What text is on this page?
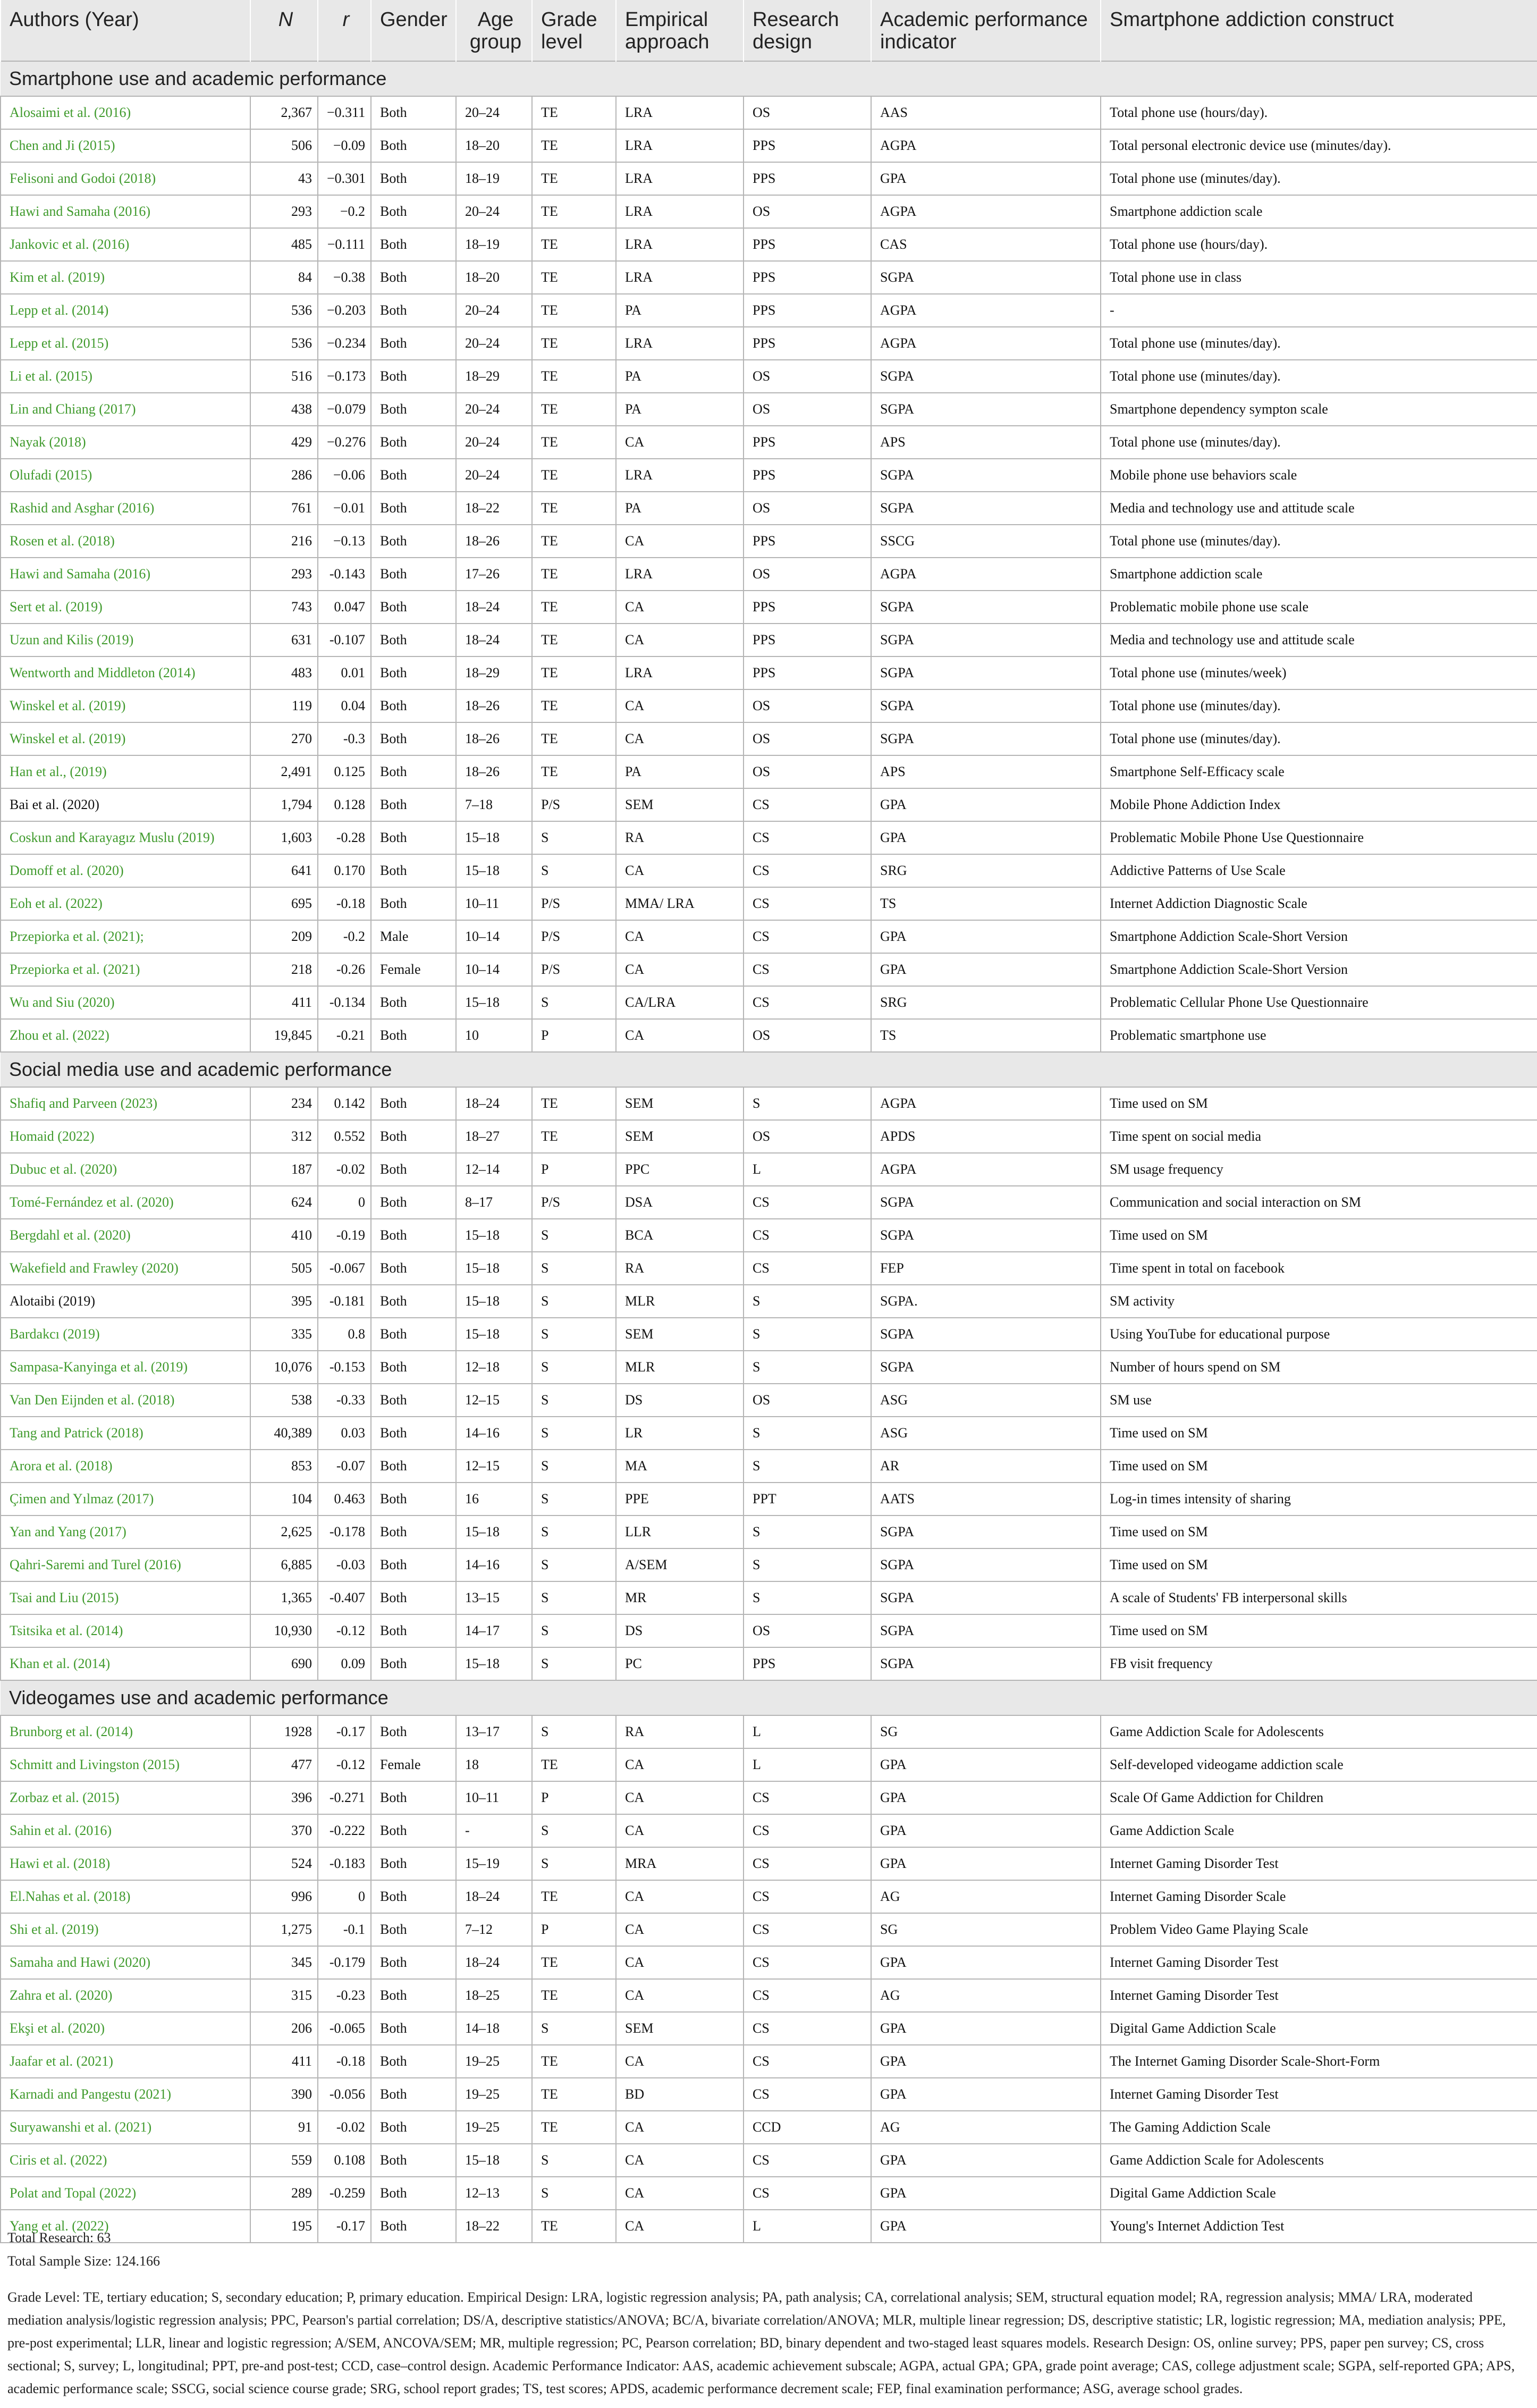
Authors (Year)	N	r	Gender	Age group	Grade level	Empirical approach	Research design	Academic performance indicator	Smartphone addiction construct
Smartphone use and academic performance									
Alosaimi et al. (2016)	2,367	−0.311	Both	20–24	TE	LRA	OS	AAS	Total phone use (hours/day).
Chen and Ji (2015)	506	−0.09	Both	18–20	TE	LRA	PPS	AGPA	Total personal electronic device use (minutes/day).
Felisoni and Godoi (2018)	43	−0.301	Both	18–19	TE	LRA	PPS	GPA	Total phone use (minutes/day).
Hawi and Samaha (2016)	293	−0.2	Both	20–24	TE	LRA	OS	AGPA	Smartphone addiction scale
Jankovic et al. (2016)	485	−0.111	Both	18–19	TE	LRA	PPS	CAS	Total phone use (hours/day).
Kim et al. (2019)	84	−0.38	Both	18–20	TE	LRA	PPS	SGPA	Total phone use in class
Lepp et al. (2014)	536	−0.203	Both	20–24	TE	PA	PPS	AGPA	-
Lepp et al. (2015)	536	−0.234	Both	20–24	TE	LRA	PPS	AGPA	Total phone use (minutes/day).
Li et al. (2015)	516	−0.173	Both	18–29	TE	PA	OS	SGPA	Total phone use (minutes/day).
Lin and Chiang (2017)	438	−0.079	Both	20–24	TE	PA	OS	SGPA	Smartphone dependency sympton scale
Nayak (2018)	429	−0.276	Both	20–24	TE	CA	PPS	APS	Total phone use (minutes/day).
Olufadi (2015)	286	−0.06	Both	20–24	TE	LRA	PPS	SGPA	Mobile phone use behaviors scale
Rashid and Asghar (2016)	761	−0.01	Both	18–22	TE	PA	OS	SGPA	Media and technology use and attitude scale
Rosen et al. (2018)	216	−0.13	Both	18–26	TE	CA	PPS	SSCG	Total phone use (minutes/day).
Hawi and Samaha (2016)	293	-0.143	Both	17–26	TE	LRA	OS	AGPA	Smartphone addiction scale
Sert et al. (2019)	743	0.047	Both	18–24	TE	CA	PPS	SGPA	Problematic mobile phone use scale
Uzun and Kilis (2019)	631	-0.107	Both	18–24	TE	CA	PPS	SGPA	Media and technology use and attitude scale
Wentworth and Middleton (2014)	483	0.01	Both	18–29	TE	LRA	PPS	SGPA	Total phone use (minutes/week)
Winskel et al. (2019)	119	0.04	Both	18–26	TE	CA	OS	SGPA	Total phone use (minutes/day).
Winskel et al. (2019)	270	-0.3	Both	18–26	TE	CA	OS	SGPA	Total phone use (minutes/day).
Han et al., (2019)	2,491	0.125	Both	18–26	TE	PA	OS	APS	Smartphone Self-Efficacy scale
Bai et al. (2020)	1,794	0.128	Both	7–18	P/S	SEM	CS	GPA	Mobile Phone Addiction Index
Coskun and Karayagız Muslu (2019)	1,603	-0.28	Both	15–18	S	RA	CS	GPA	Problematic Mobile Phone Use Questionnaire
Domoff et al. (2020)	641	0.170	Both	15–18	S	CA	CS	SRG	Addictive Patterns of Use Scale
Eoh et al. (2022)	695	-0.18	Both	10–11	P/S	MMA/ LRA	CS	TS	Internet Addiction Diagnostic Scale
Przepiorka et al. (2021);	209	-0.2	Male	10–14	P/S	CA	CS	GPA	Smartphone Addiction Scale-Short Version
Przepiorka et al. (2021)	218	-0.26	Female	10–14	P/S	CA	CS	GPA	Smartphone Addiction Scale-Short Version
Wu and Siu (2020)	411	-0.134	Both	15–18	S	CA/LRA	CS	SRG	Problematic Cellular Phone Use Questionnaire
Zhou et al. (2022)	19,845	-0.21	Both	10	P	CA	OS	TS	Problematic smartphone use
Social media use and academic performance									
Shafiq and Parveen (2023)	234	0.142	Both	18–24	TE	SEM	S	AGPA	Time used on SM
Homaid (2022)	312	0.552	Both	18–27	TE	SEM	OS	APDS	Time spent on social media
Dubuc et al. (2020)	187	-0.02	Both	12–14	P	PPC	L	AGPA	SM usage frequency
Tomé-Fernández et al. (2020)	624	0	Both	8–17	P/S	DSA	CS	SGPA	Communication and social interaction on SM
Bergdahl et al. (2020)	410	-0.19	Both	15–18	S	BCA	CS	SGPA	Time used on SM
Wakefield and Frawley (2020)	505	-0.067	Both	15–18	S	RA	CS	FEP	Time spent in total on facebook
Alotaibi (2019)	395	-0.181	Both	15–18	S	MLR	S	SGPA.	SM activity
Bardakcı (2019)	335	0.8	Both	15–18	S	SEM	S	SGPA	Using YouTube for educational purpose
Sampasa-Kanyinga et al. (2019)	10,076	-0.153	Both	12–18	S	MLR	S	SGPA	Number of hours spend on SM
Van Den Eijnden et al. (2018)	538	-0.33	Both	12–15	S	DS	OS	ASG	SM use
Tang and Patrick (2018)	40,389	0.03	Both	14–16	S	LR	S	ASG	Time used on SM
Arora et al. (2018)	853	-0.07	Both	12–15	S	MA	S	AR	Time used on SM
Çimen and Yılmaz (2017)	104	0.463	Both	16	S	PPE	PPT	AATS	Log-in times intensity of sharing
Yan and Yang (2017)	2,625	-0.178	Both	15–18	S	LLR	S	SGPA	Time used on SM
Qahri-Saremi and Turel (2016)	6,885	-0.03	Both	14–16	S	A/SEM	S	SGPA	Time used on SM
Tsai and Liu (2015)	1,365	-0.407	Both	13–15	S	MR	S	SGPA	A scale of Students' FB interpersonal skills
Tsitsika et al. (2014)	10,930	-0.12	Both	14–17	S	DS	OS	SGPA	Time used on SM
Khan et al. (2014)	690	0.09	Both	15–18	S	PC	PPS	SGPA	FB visit frequency
Videogames use and academic performance									
Brunborg et al. (2014)	1928	-0.17	Both	13–17	S	RA	L	SG	Game Addiction Scale for Adolescents
Schmitt and Livingston (2015)	477	-0.12	Female	18	TE	CA	L	GPA	Self-developed videogame addiction scale
Zorbaz et al. (2015)	396	-0.271	Both	10–11	P	CA	CS	GPA	Scale Of Game Addiction for Children
Sahin et al. (2016)	370	-0.222	Both	-	S	CA	CS	GPA	Game Addiction Scale
Hawi et al. (2018)	524	-0.183	Both	15–19	S	MRA	CS	GPA	Internet Gaming Disorder Test
El.Nahas et al. (2018)	996	0	Both	18–24	TE	CA	CS	AG	Internet Gaming Disorder Scale
Shi et al. (2019)	1,275	-0.1	Both	7–12	P	CA	CS	SG	Problem Video Game Playing Scale
Samaha and Hawi (2020)	345	-0.179	Both	18–24	TE	CA	CS	GPA	Internet Gaming Disorder Test
Zahra et al. (2020)	315	-0.23	Both	18–25	TE	CA	CS	AG	Internet Gaming Disorder Test
Ekşi et al. (2020)	206	-0.065	Both	14–18	S	SEM	CS	GPA	Digital Game Addiction Scale
Jaafar et al. (2021)	411	-0.18	Both	19–25	TE	CA	CS	GPA	The Internet Gaming Disorder Scale-Short-Form
Karnadi and Pangestu (2021)	390	-0.056	Both	19–25	TE	BD	CS	GPA	Internet Gaming Disorder Test
Suryawanshi et al. (2021)	91	-0.02	Both	19–25	TE	CA	CCD	AG	The Gaming Addiction Scale
Ciris et al. (2022)	559	0.108	Both	15–18	S	CA	CS	GPA	Game Addiction Scale for Adolescents
Polat and Topal (2022)	289	-0.259	Both	12–13	S	CA	CS	GPA	Digital Game Addiction Scale
Yang et al. (2022)	195	-0.17	Both	18–22	TE	CA	L	GPA	Young's Internet Addiction Test
Total Research: 63
Total Sample Size: 124.166
Grade Level: TE, tertiary education; S, secondary education; P, primary education. Empirical Design: LRA, logistic regression analysis; PA, path analysis; CA, correlational analysis; SEM, structural equation model; RA, regression analysis; MMA/ LRA, moderated mediation analysis/logistic regression analysis; PPC, Pearson's partial correlation; DS/A, descriptive statistics/ANOVA; BC/A, bivariate correlation/ANOVA; MLR, multiple linear regression; DS, descriptive statistic; LR, logistic regression; MA, mediation analysis; PPE, pre-post experimental; LLR, linear and logistic regression; A/SEM, ANCOVA/SEM; MR, multiple regression; PC, Pearson correlation; BD, binary dependent and two-staged least squares models. Research Design: OS, online survey; PPS, paper pen survey; CS, cross sectional; S, survey; L, longitudinal; PPT, pre-and post-test; CCD, case–control design. Academic Performance Indicator: AAS, academic achievement subscale; AGPA, actual GPA; GPA, grade point average; CAS, college adjustment scale; SGPA, self-reported GPA; APS, academic performance scale; SSCG, social science course grade; SRG, school report grades; TS, test scores; APDS, academic performance decrement scale; FEP, final examination performance; ASG, average school grades.
